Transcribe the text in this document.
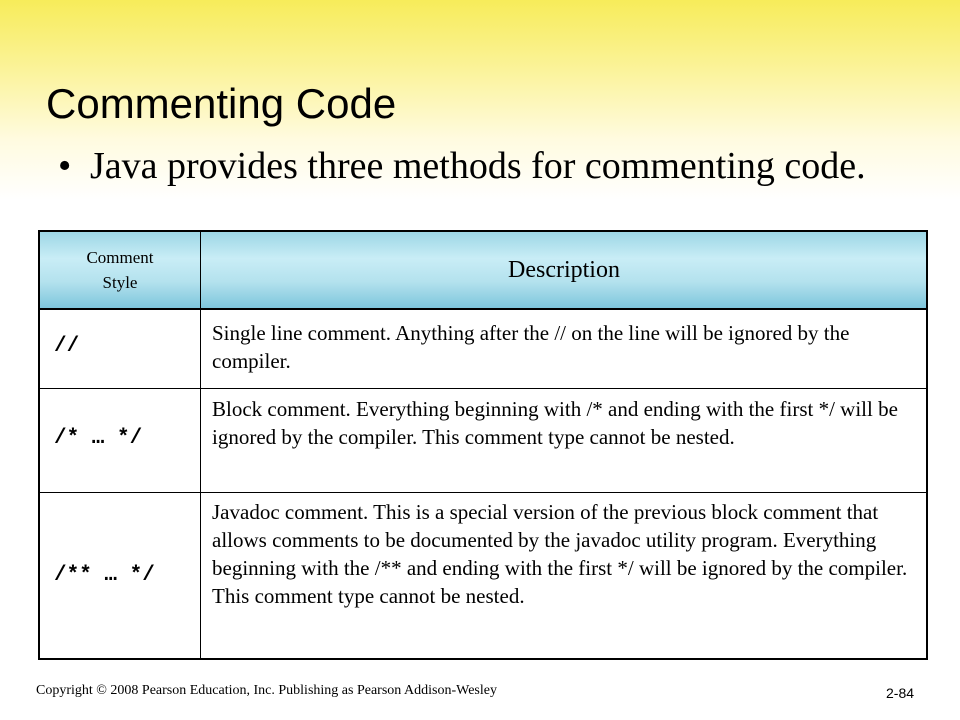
Commenting Code
• Java provides three methods for commenting code.
Comment Style	Description
//
Single line comment. Anything after the // on the line will be ignored by the compiler.
/* … */
Block comment. Everything beginning with /* and ending with the first */ will be ignored by the compiler. This comment type cannot be nested.
/** … */
Javadoc comment. This is a special version of the previous block comment that allows comments to be documented by the javadoc utility program. Everything beginning with the /** and ending with the first */ will be ignored by the compiler. This comment type cannot be nested.
Copyright © 2008 Pearson Education, Inc. Publishing as Pearson Addison-Wesley	2-84
